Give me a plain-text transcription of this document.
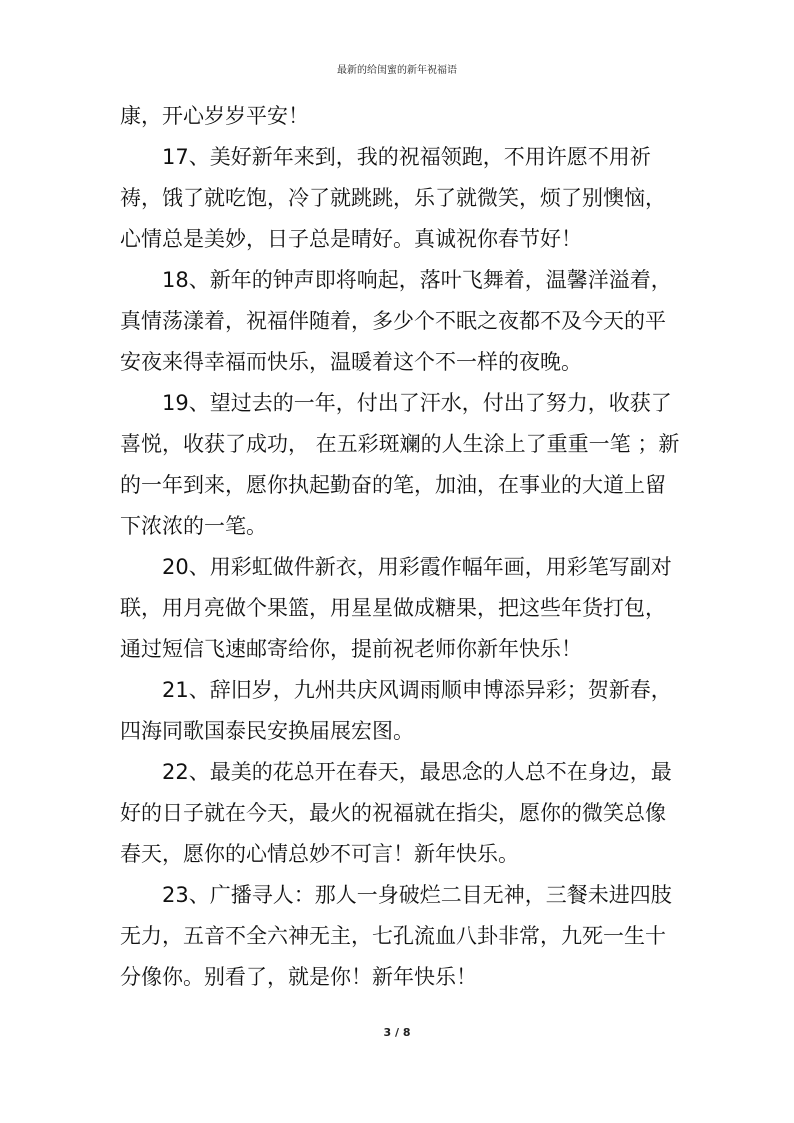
最新的给闺蜜的新年祝福语

康，开心岁岁平安！

17、美好新年来到，我的祝福领跑，不用许愿不用祈祷，饿了就吃饱，冷了就跳跳，乐了就微笑，烦了别懊恼，心情总是美妙，日子总是晴好。真诚祝你春节好！

18、新年的钟声即将响起，落叶飞舞着，温馨洋溢着，真情荡漾着，祝福伴随着，多少个不眠之夜都不及今天的平安夜来得幸福而快乐，温暖着这个不一样的夜晚。

19、望过去的一年，付出了汗水，付出了努力，收获了喜悦，收获了成功， 在五彩斑斓的人生涂上了重重一笔 ；新的一年到来，愿你执起勤奋的笔，加油，在事业的大道上留下浓浓的一笔。

20、用彩虹做件新衣，用彩霞作幅年画，用彩笔写副对联，用月亮做个果篮，用星星做成糖果，把这些年货打包，通过短信飞速邮寄给你，提前祝老师你新年快乐！

21、辞旧岁，九州共庆风调雨顺申博添异彩；贺新春，四海同歌国泰民安换届展宏图。

22、最美的花总开在春天，最思念的人总不在身边，最好的日子就在今天，最火的祝福就在指尖，愿你的微笑总像春天，愿你的心情总妙不可言！新年快乐。

23、广播寻人：那人一身破烂二目无神，三餐未进四肢无力，五音不全六神无主，七孔流血八卦非常，九死一生十分像你。别看了，就是你！新年快乐！

3 / 8
